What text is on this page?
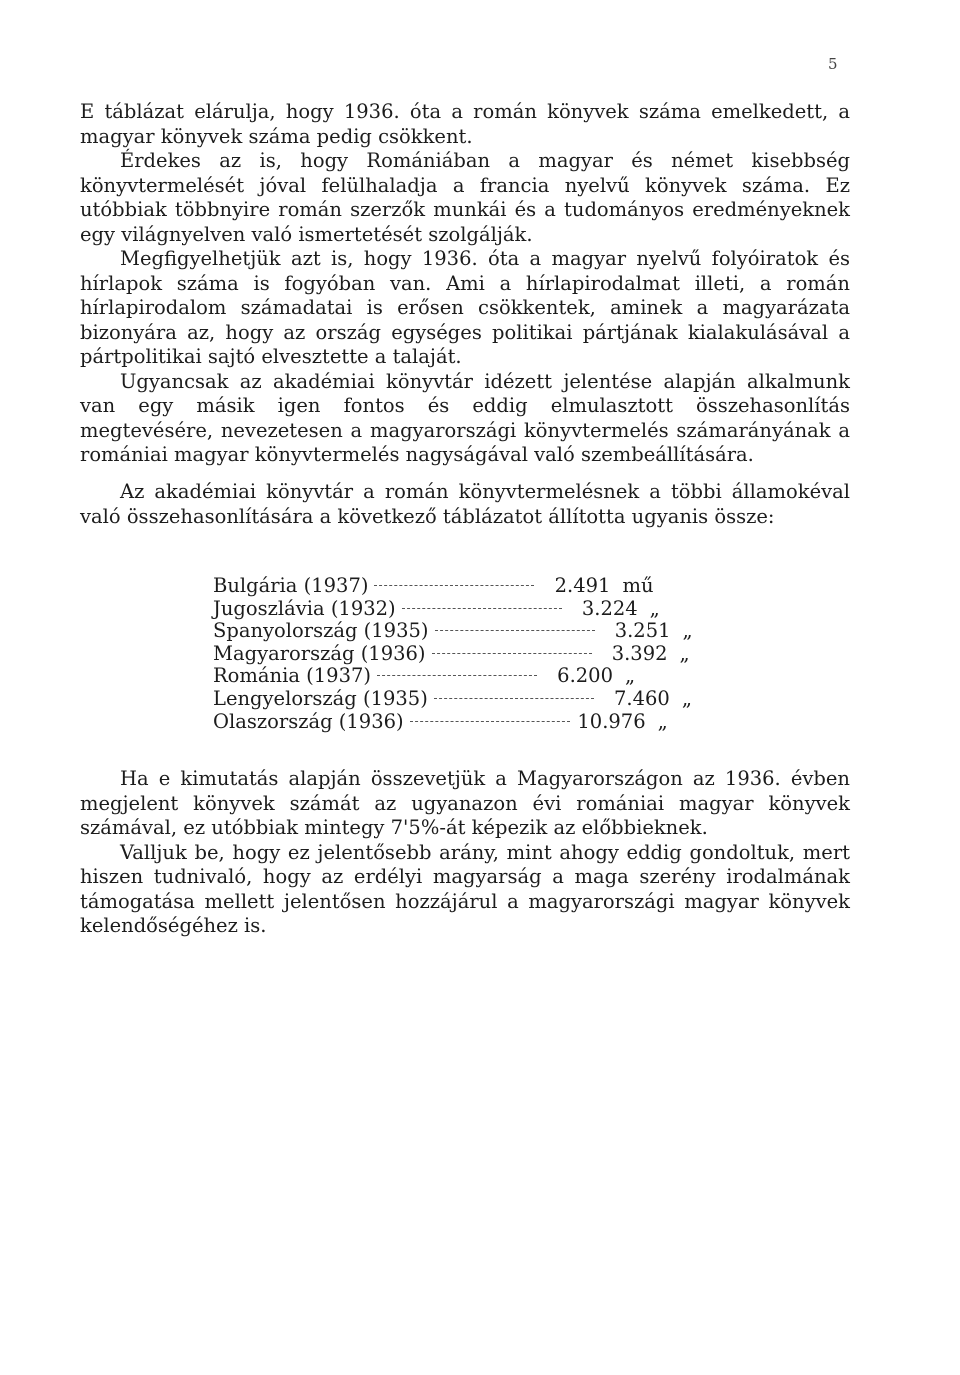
5

E táblázat elárulja, hogy 1936. óta a román könyvek száma emelkedett, a magyar könyvek száma pedig csökkent.

Érdekes az is, hogy Romániában a magyar és német kisebbség könyvtermelését jóval felülhaladja a francia nyelvű könyvek száma. Ez utóbbiak többnyire román szerzők munkái és a tudományos eredményeknek egy világnyelven való ismertetését szolgálják.

Megfigyelhetjük azt is, hogy 1936. óta a magyar nyelvű folyóiratok és hírlapok száma is fogyóban van. Ami a hírlapirodalmat illeti, a román hírlapirodalom számadatai is erősen csökkentek, aminek a magyarázata bizonyára az, hogy az ország egységes politikai pártjának kialakulásával a pártpolitikai sajtó elvesztette a talaját.

Ugyancsak az akadémiai könyvtár idézett jelentése alapján alkalmunk van egy másik igen fontos és eddig elmulasztott összehasonlítás megtevésére, nevezetesen a magyarországi könyvtermelés számarányának a romániai magyar könyvtermelés nagyságával való szembeállítására.

Az akadémiai könyvtár a román könyvtermelésnek a többi államokéval való összehasonlítására a következő táblázatot állította ugyanis össze:

Bulgária (1937)	2.491 mű
Jugoszlávia (1932)	3.224 „
Spanyolország (1935)	3.251 „
Magyarország (1936)	3.392 „
Románia (1937)	6.200 „
Lengyelország (1935)	7.460 „
Olaszország (1936)	10.976 „

Ha e kimutatás alapján összevetjük a Magyarországon az 1936. évben megjelent könyvek számát az ugyanazon évi romániai magyar könyvek számával, ez utóbbiak mintegy 7'5%-át képezik az előbbieknek.

Valljuk be, hogy ez jelentősebb arány, mint ahogy eddig gondoltuk, mert hiszen tudnivaló, hogy az erdélyi magyarság a maga szerény irodalmának támogatása mellett jelentősen hozzájárul a magyarországi magyar könyvek kelendőségéhez is.
